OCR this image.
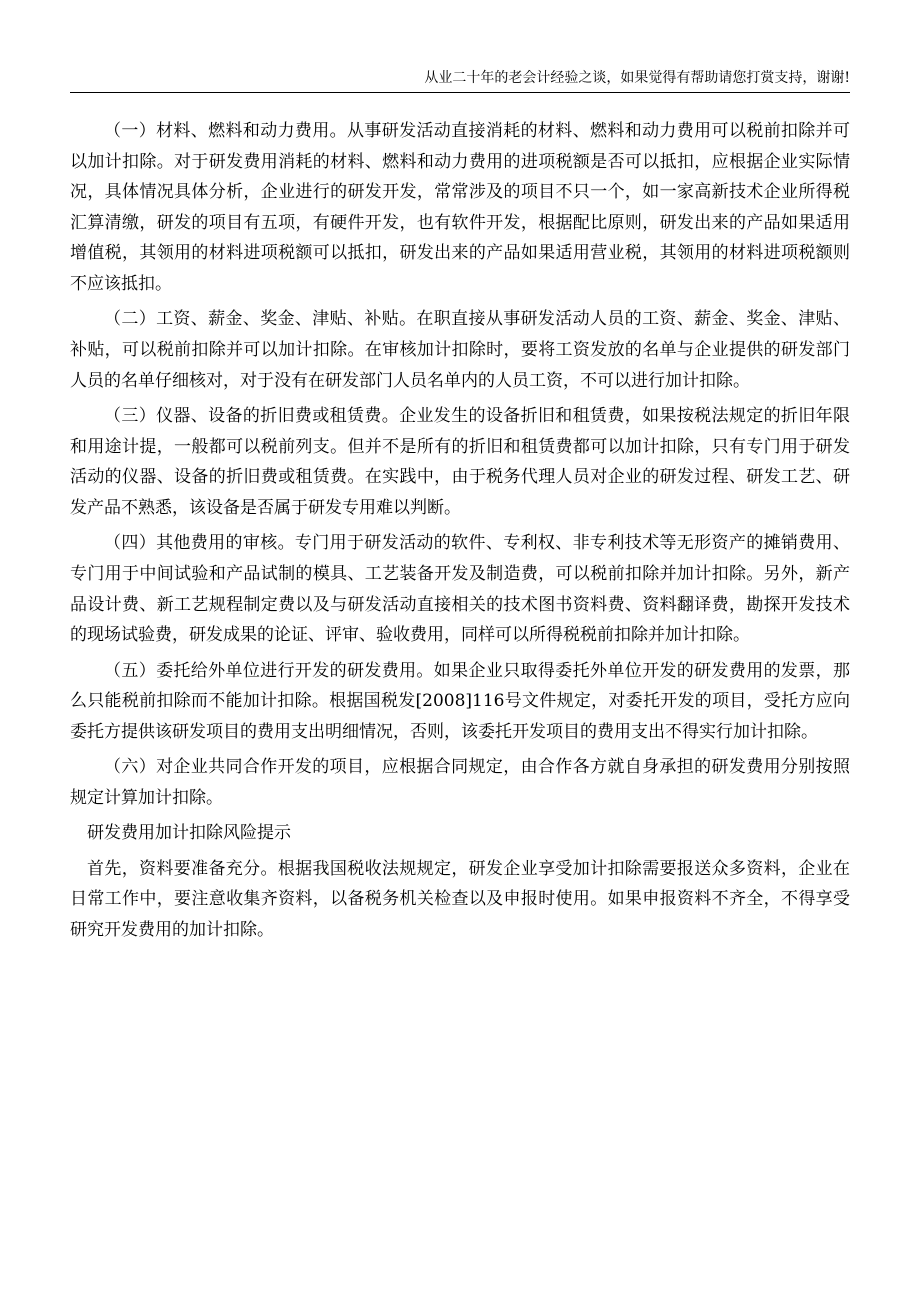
从业二十年的老会计经验之谈，如果觉得有帮助请您打赏支持，谢谢!

（一）材料、燃料和动力费用。从事研发活动直接消耗的材料、燃料和动力费用可以税前扣除并可以加计扣除。对于研发费用消耗的材料、燃料和动力费用的进项税额是否可以抵扣，应根据企业实际情况，具体情况具体分析，企业进行的研发开发，常常涉及的项目不只一个，如一家高新技术企业所得税汇算清缴，研发的项目有五项，有硬件开发，也有软件开发，根据配比原则，研发出来的产品如果适用增值税，其领用的材料进项税额可以抵扣，研发出来的产品如果适用营业税，其领用的材料进项税额则不应该抵扣。

（二）工资、薪金、奖金、津贴、补贴。在职直接从事研发活动人员的工资、薪金、奖金、津贴、补贴，可以税前扣除并可以加计扣除。在审核加计扣除时，要将工资发放的名单与企业提供的研发部门人员的名单仔细核对，对于没有在研发部门人员名单内的人员工资，不可以进行加计扣除。

（三）仪器、设备的折旧费或租赁费。企业发生的设备折旧和租赁费，如果按税法规定的折旧年限和用途计提，一般都可以税前列支。但并不是所有的折旧和租赁费都可以加计扣除，只有专门用于研发活动的仪器、设备的折旧费或租赁费。在实践中，由于税务代理人员对企业的研发过程、研发工艺、研发产品不熟悉，该设备是否属于研发专用难以判断。

（四）其他费用的审核。专门用于研发活动的软件、专利权、非专利技术等无形资产的摊销费用、专门用于中间试验和产品试制的模具、工艺装备开发及制造费，可以税前扣除并加计扣除。另外，新产品设计费、新工艺规程制定费以及与研发活动直接相关的技术图书资料费、资料翻译费，勘探开发技术的现场试验费，研发成果的论证、评审、验收费用，同样可以所得税税前扣除并加计扣除。

（五）委托给外单位进行开发的研发费用。如果企业只取得委托外单位开发的研发费用的发票，那么只能税前扣除而不能加计扣除。根据国税发[2008]116号文件规定，对委托开发的项目，受托方应向委托方提供该研发项目的费用支出明细情况，否则，该委托开发项目的费用支出不得实行加计扣除。

（六）对企业共同合作开发的项目，应根据合同规定，由合作各方就自身承担的研发费用分别按照规定计算加计扣除。

研发费用加计扣除风险提示

首先，资料要准备充分。根据我国税收法规规定，研发企业享受加计扣除需要报送众多资料，企业在日常工作中，要注意收集齐资料，以备税务机关检查以及申报时使用。如果申报资料不齐全，不得享受研究开发费用的加计扣除。
